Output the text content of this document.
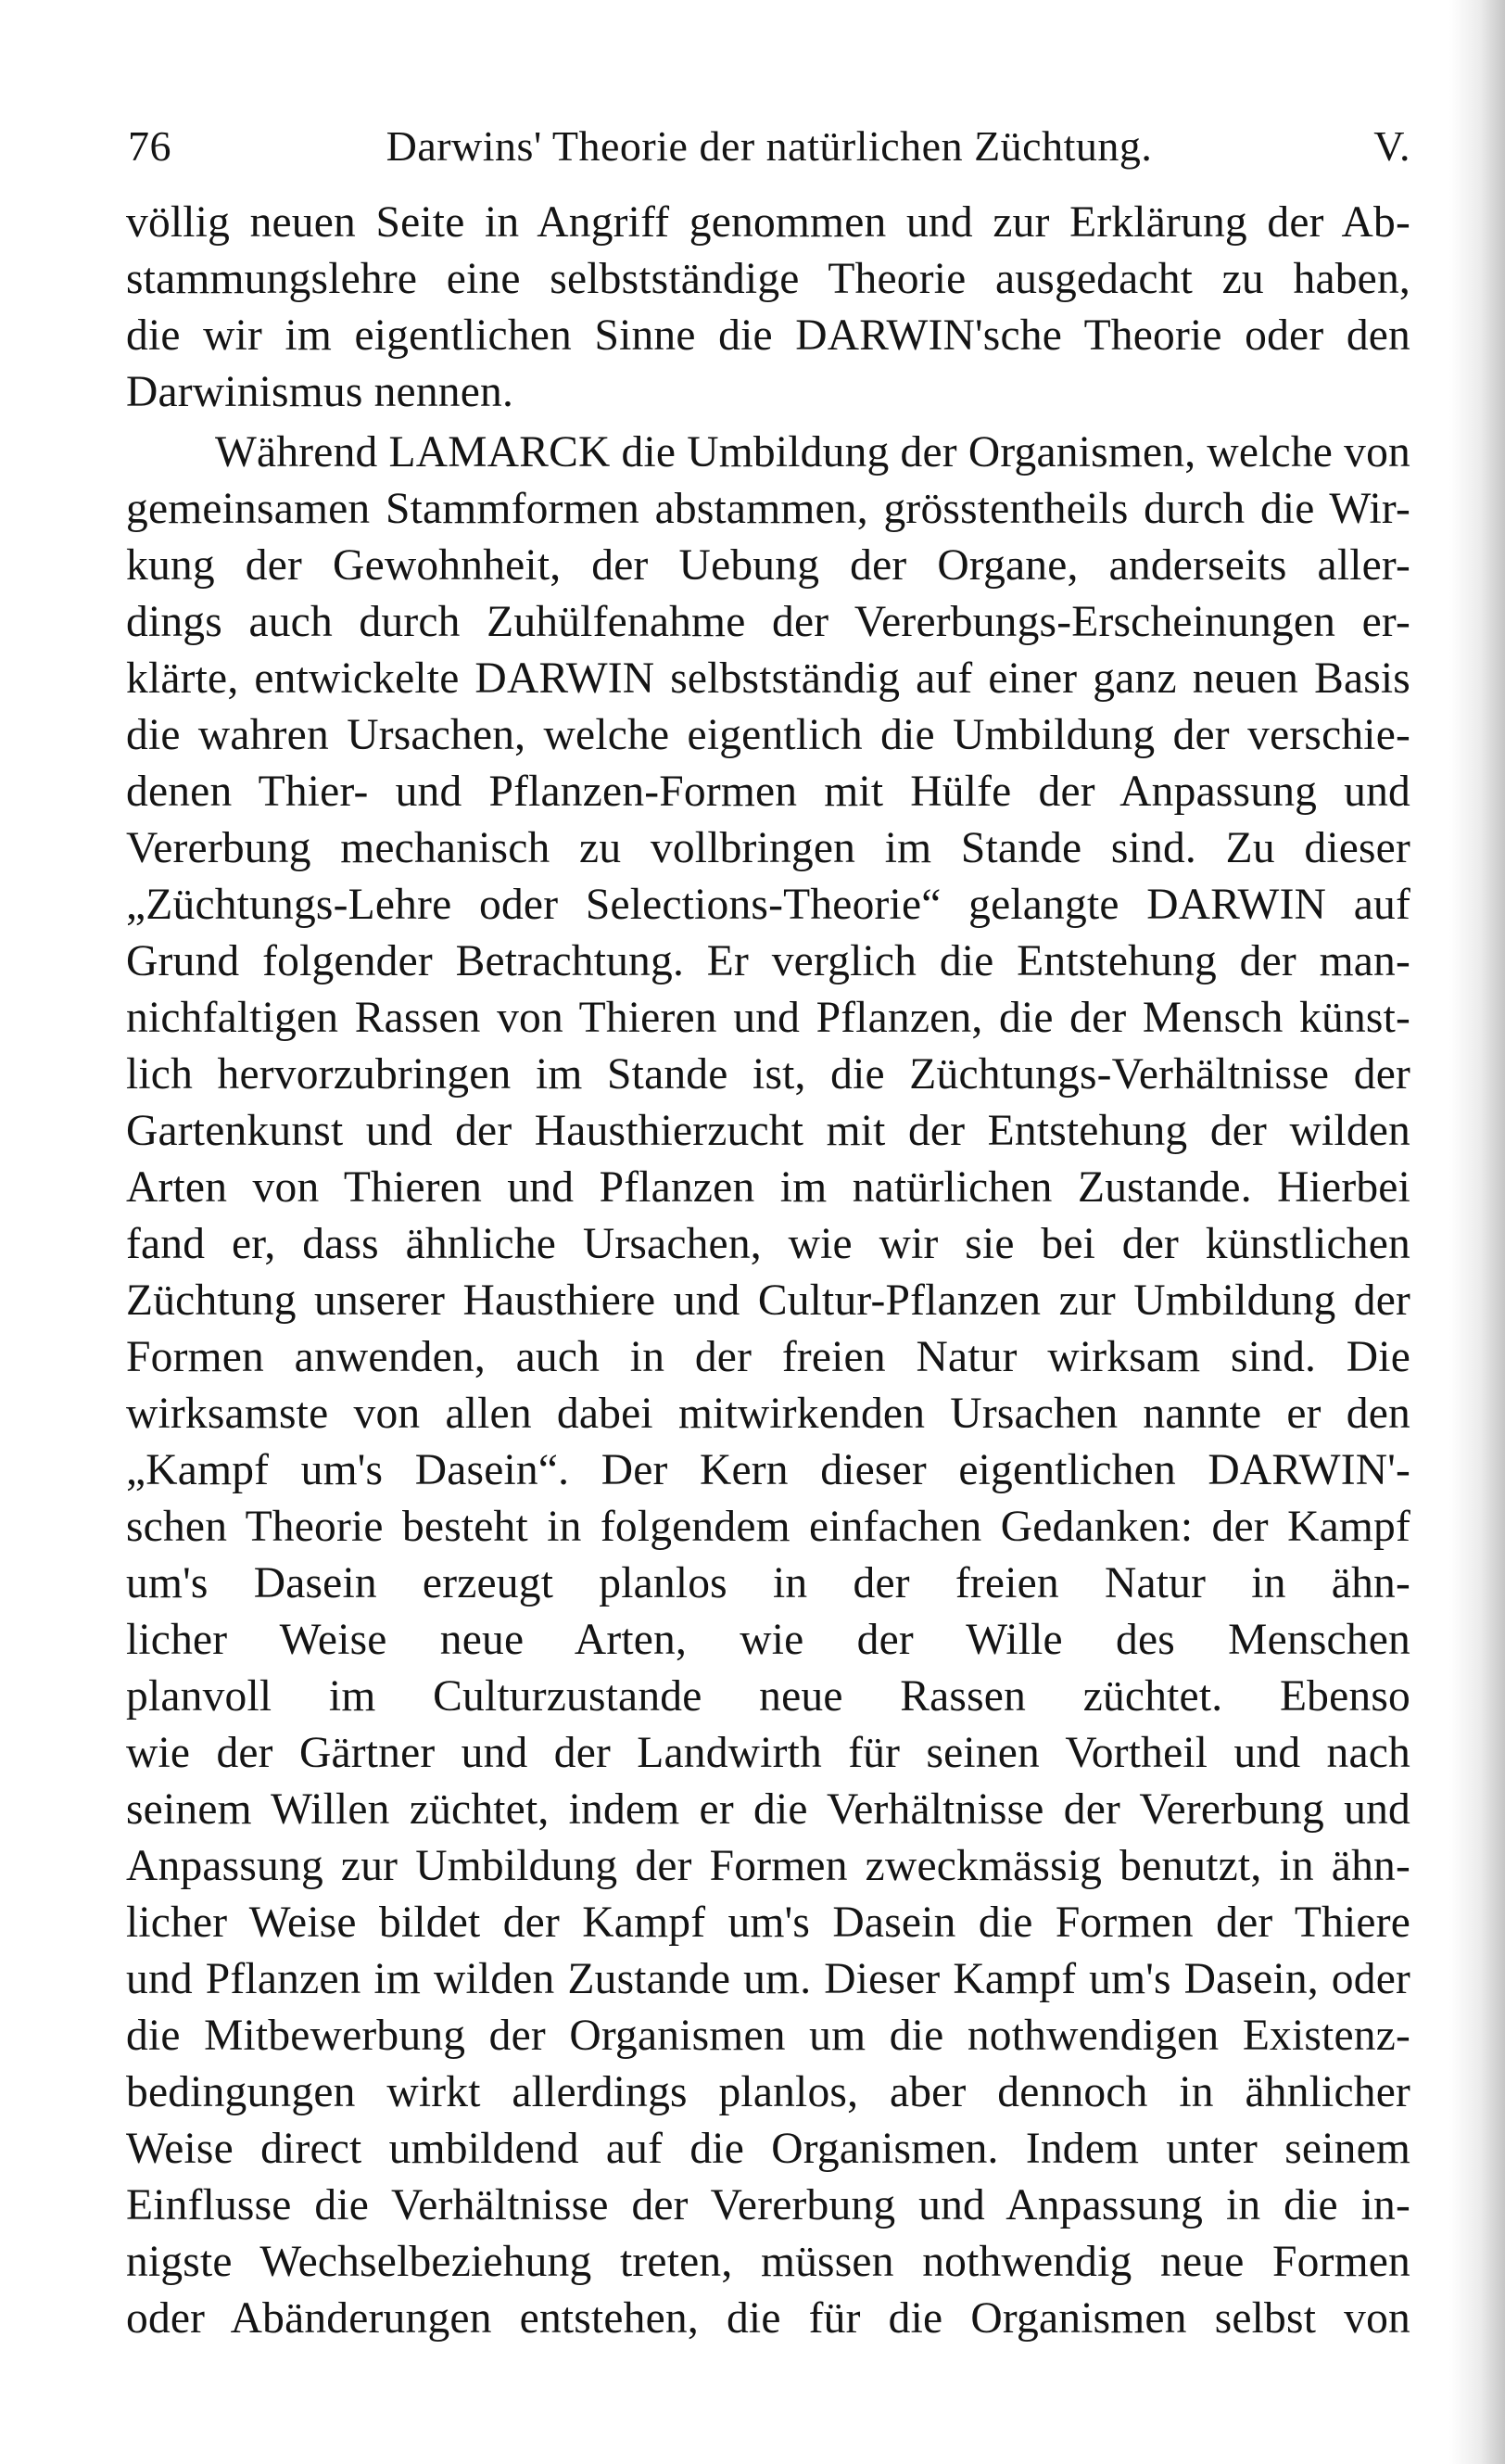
76	Darwins' Theorie der natürlichen Züchtung.	V.
völlig neuen Seite in Angriff genommen und zur Erklärung der Ab-
stammungslehre eine selbstständige Theorie ausgedacht zu haben,
die wir im eigentlichen Sinne die DARWIN'sche Theorie oder den
Darwinismus nennen.
Während LAMARCK die Umbildung der Organismen, welche von
gemeinsamen Stammformen abstammen, grösstentheils durch die Wir-
kung der Gewohnheit, der Uebung der Organe, anderseits aller-
dings auch durch Zuhülfenahme der Vererbungs-Erscheinungen er-
klärte, entwickelte DARWIN selbstständig auf einer ganz neuen Basis
die wahren Ursachen, welche eigentlich die Umbildung der verschie-
denen Thier- und Pflanzen-Formen mit Hülfe der Anpassung und
Vererbung mechanisch zu vollbringen im Stande sind. Zu dieser
„Züchtungs-Lehre oder Selections-Theorie“ gelangte DARWIN auf
Grund folgender Betrachtung. Er verglich die Entstehung der man-
nichfaltigen Rassen von Thieren und Pflanzen, die der Mensch künst-
lich hervorzubringen im Stande ist, die Züchtungs-Verhältnisse der
Gartenkunst und der Hausthierzucht mit der Entstehung der wilden
Arten von Thieren und Pflanzen im natürlichen Zustande. Hierbei
fand er, dass ähnliche Ursachen, wie wir sie bei der künstlichen
Züchtung unserer Hausthiere und Cultur-Pflanzen zur Umbildung der
Formen anwenden, auch in der freien Natur wirksam sind. Die
wirksamste von allen dabei mitwirkenden Ursachen nannte er den
„Kampf um's Dasein“. Der Kern dieser eigentlichen DARWIN'-
schen Theorie besteht in folgendem einfachen Gedanken: der Kampf
um's Dasein erzeugt planlos in der freien Natur in ähn-
licher Weise neue Arten, wie der Wille des Menschen
planvoll im Culturzustande neue Rassen züchtet. Ebenso
wie der Gärtner und der Landwirth für seinen Vortheil und nach
seinem Willen züchtet, indem er die Verhältnisse der Vererbung und
Anpassung zur Umbildung der Formen zweckmässig benutzt, in ähn-
licher Weise bildet der Kampf um's Dasein die Formen der Thiere
und Pflanzen im wilden Zustande um. Dieser Kampf um's Dasein, oder
die Mitbewerbung der Organismen um die nothwendigen Existenz-
bedingungen wirkt allerdings planlos, aber dennoch in ähnlicher
Weise direct umbildend auf die Organismen. Indem unter seinem
Einflusse die Verhältnisse der Vererbung und Anpassung in die in-
nigste Wechselbeziehung treten, müssen nothwendig neue Formen
oder Abänderungen entstehen, die für die Organismen selbst von
